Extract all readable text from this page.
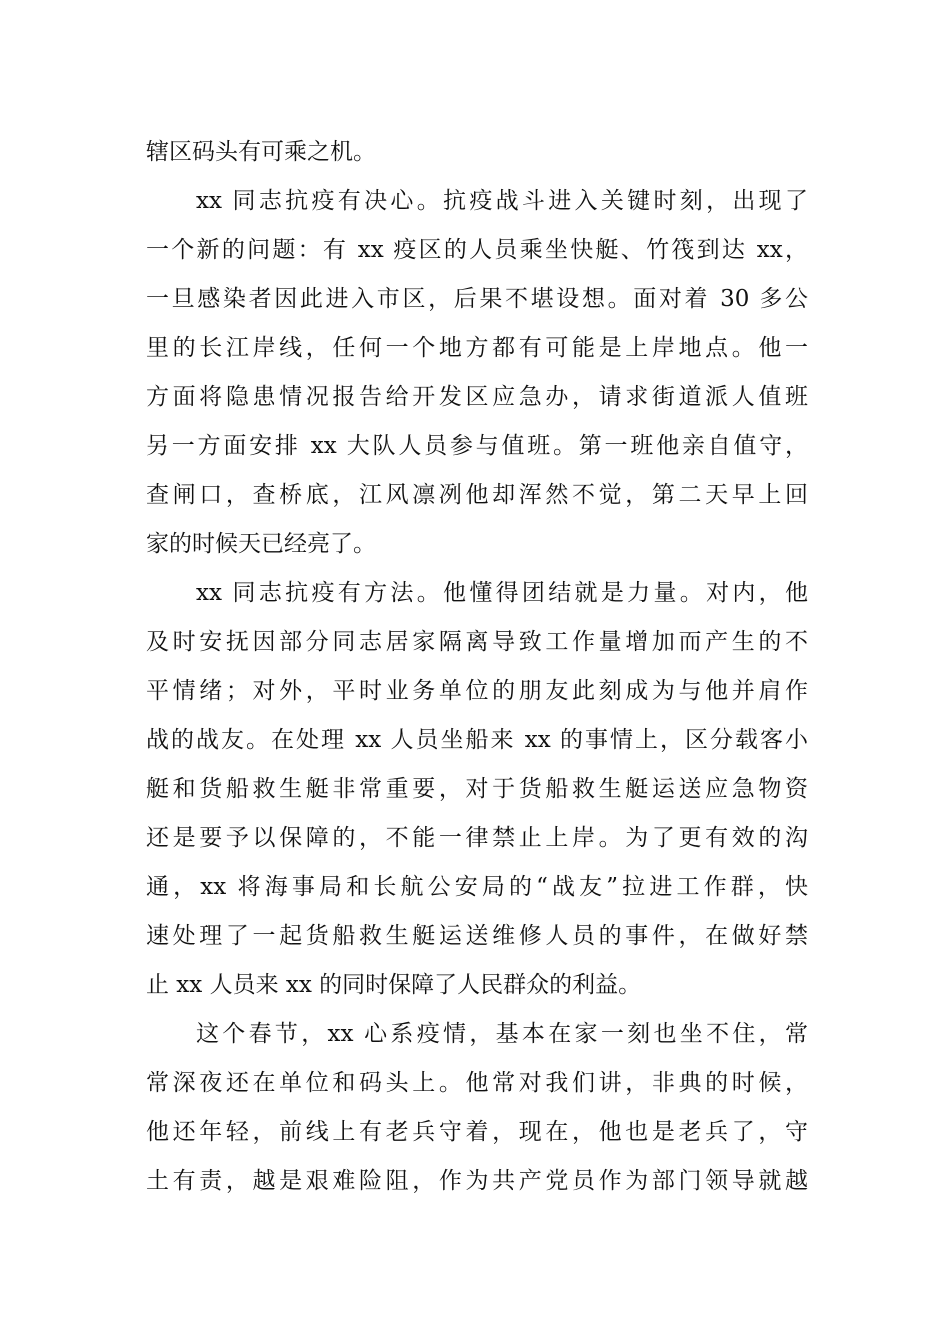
辖区码头有可乘之机。
xx 同志抗疫有决心。抗疫战斗进入关键时刻，出现了
一个新的问题：有 xx 疫区的人员乘坐快艇、竹筏到达 xx，
一旦感染者因此进入市区，后果不堪设想。面对着 30 多公
里的长江岸线，任何一个地方都有可能是上岸地点。他一
方面将隐患情况报告给开发区应急办，请求街道派人值班
另一方面安排 xx 大队人员参与值班。第一班他亲自值守，
查闸口，查桥底，江风凛冽他却浑然不觉，第二天早上回
家的时候天已经亮了。
xx 同志抗疫有方法。他懂得团结就是力量。对内，他
及时安抚因部分同志居家隔离导致工作量增加而产生的不
平情绪；对外，平时业务单位的朋友此刻成为与他并肩作
战的战友。在处理 xx 人员坐船来 xx 的事情上，区分载客小
艇和货船救生艇非常重要，对于货船救生艇运送应急物资
还是要予以保障的，不能一律禁止上岸。为了更有效的沟
通，xx 将海事局和长航公安局的“战友”拉进工作群，快
速处理了一起货船救生艇运送维修人员的事件，在做好禁
止 xx 人员来 xx 的同时保障了人民群众的利益。
这个春节，xx 心系疫情，基本在家一刻也坐不住，常
常深夜还在单位和码头上。他常对我们讲，非典的时候，
他还年轻，前线上有老兵守着，现在，他也是老兵了，守
土有责，越是艰难险阻，作为共产党员作为部门领导就越
